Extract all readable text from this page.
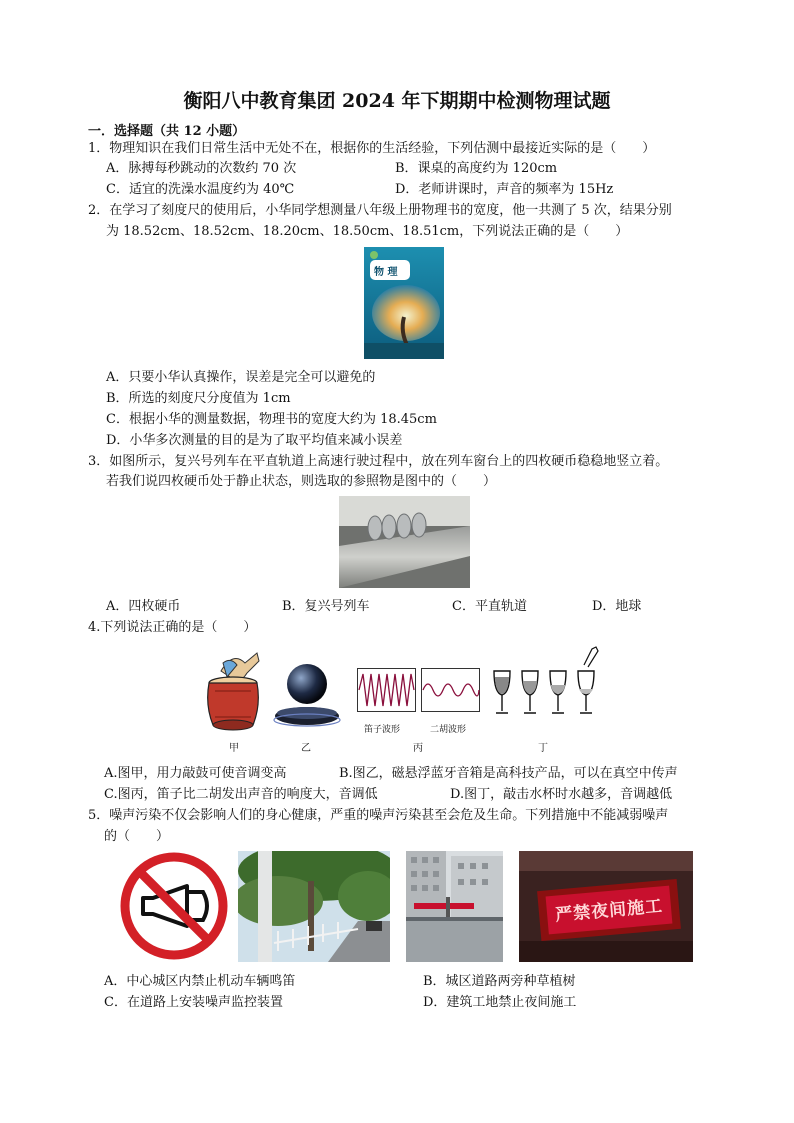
衡阳八中教育集团 2024 年下期期中检测物理试题
一．选择题（共 12 小题）
1．物理知识在我们日常生活中无处不在，根据你的生活经验，下列估测中最接近实际的是（　　）
A．脉搏每秒跳动的次数约 70 次	B．课桌的高度约为 120cm
C．适宜的洗澡水温度约为 40℃	D．老师讲课时，声音的频率为 15Hz
2．在学习了刻度尺的使用后，小华同学想测量八年级上册物理书的宽度，他一共测了 5 次，结果分别
为 18.52cm、18.52cm、18.20cm、18.50cm、18.51cm，下列说法正确的是（　　）
物 理
A．只要小华认真操作，误差是完全可以避免的
B．所选的刻度尺分度值为 1cm
C．根据小华的测量数据，物理书的宽度大约为 18.45cm
D．小华多次测量的目的是为了取平均值来减小误差
3．如图所示，复兴号列车在平直轨道上高速行驶过程中，放在列车窗台上的四枚硬币稳稳地竖立着。
若我们说四枚硬币处于静止状态，则选取的参照物是图中的（　　）
A．四枚硬币	B．复兴号列车	C．平直轨道	D．地球
4.下列说法正确的是（　　）
笛子波形	二胡波形
甲	乙	丙	丁
A.图甲，用力敲鼓可使音调变高	B.图乙，磁悬浮蓝牙音箱是高科技产品，可以在真空中传声
C.图丙，笛子比二胡发出声音的响度大，音调低	D.图丁，敲击水杯时水越多，音调越低
5．噪声污染不仅会影响人们的身心健康，严重的噪声污染甚至会危及生命。下列措施中不能减弱噪声
的（　　）
严禁夜间施工
A．中心城区内禁止机动车辆鸣笛	B．城区道路两旁种草植树
C．在道路上安装噪声监控装置	D．建筑工地禁止夜间施工
